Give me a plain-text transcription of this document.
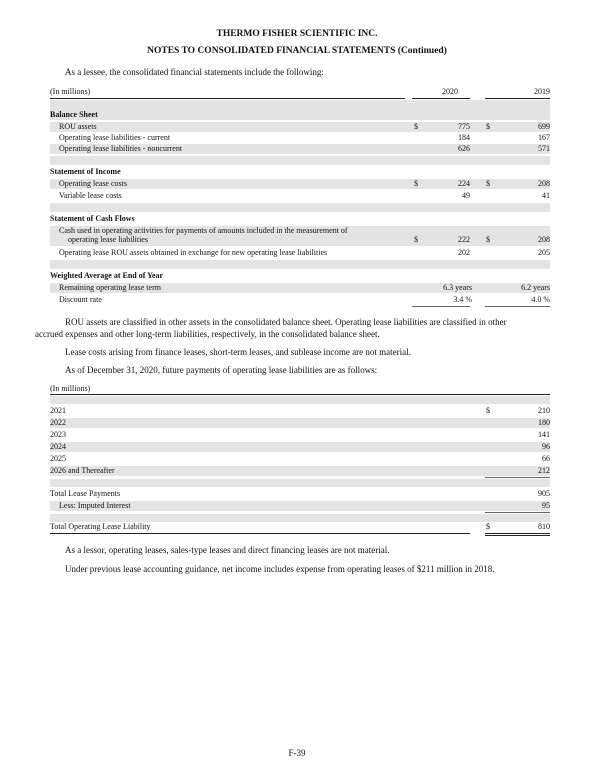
THERMO FISHER SCIENTIFIC INC.
NOTES TO CONSOLIDATED FINANCIAL STATEMENTS (Continued)
As a lessee, the consolidated financial statements include the following:
(In millions)	2020	2019
Balance Sheet
ROU assets	$	775 $	699
Operating lease liabilities - current	184	167
Operating lease liabilities - noncurrent	626	571
Statement of Income
Operating lease costs	$	224 $	208
Variable lease costs	49	41
Statement of Cash Flows
Cash used in operating activities for payments of amounts included in the measurement of
operating lease liabilities	$	222 $	208
Operating lease ROU assets obtained in exchange for new operating lease liabilities	202	205
Weighted Average at End of Year
Remaining operating lease term	6.3 years	6.2 years
Discount rate	3.4 %	4.0 %
ROU assets are classified in other assets in the consolidated balance sheet. Operating lease liabilities are classified in other
accrued expenses and other long-term liabilities, respectively, in the consolidated balance sheet.
Lease costs arising from finance leases, short-term leases, and sublease income are not material.
As of December 31, 2020, future payments of operating lease liabilities are as follows:
(In millions)
2021	$	210
2022	180
2023	141
2024	96
2025	66
2026 and Thereafter	212
Total Lease Payments	905
Less: Imputed Interest	95
Total Operating Lease Liability	$	810
As a lessor, operating leases, sales-type leases and direct financing leases are not material.
Under previous lease accounting guidance, net income includes expense from operating leases of $211 million in 2018.
F-39
